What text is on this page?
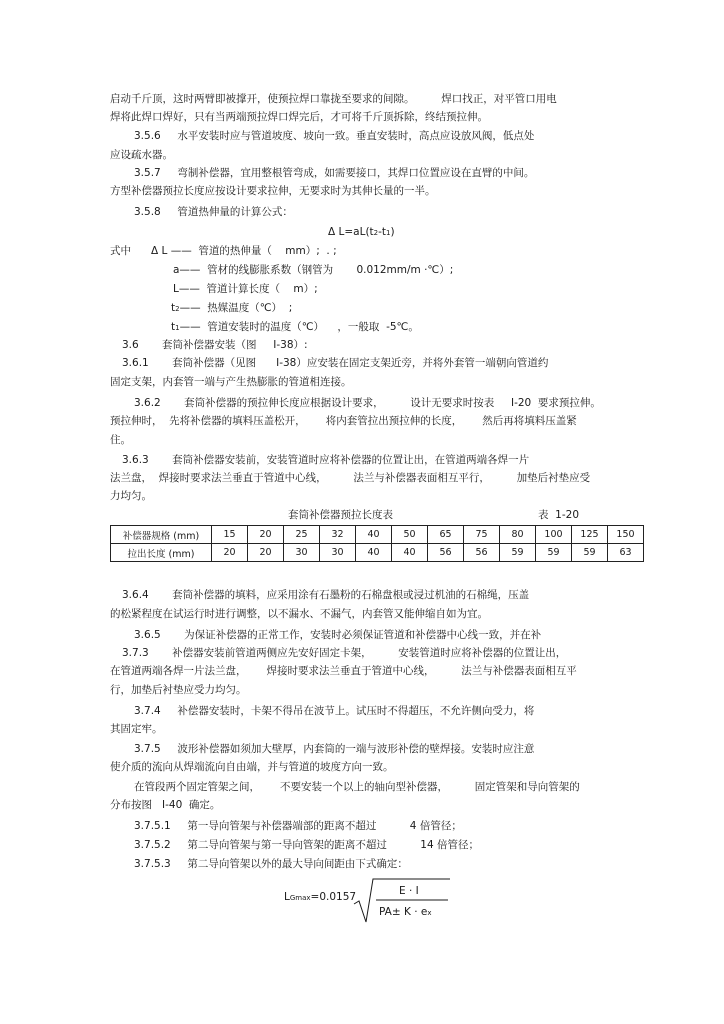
启动千斤顶，这时两臂即被撑开，使预拉焊口靠拢至要求的间隙。        焊口找正，对平管口用电
焊将此焊口焊好，只有当两端预拉焊口焊完后，才可将千斤顶拆除，终结预拉伸。
3.5.6     水平安装时应与管道坡度、坡向一致。垂直安装时，高点应设放风阀，低点处
应设疏水器。
3.5.7     弯制补偿器，宜用整根管弯成，如需要接口，其焊口位置应设在直臂的中间。
方型补偿器预拉长度应按设计要求拉伸，无要求时为其伸长量的一半。
3.5.8     管道热伸量的计算公式：
Δ L=aL(t2-t1)
式中      Δ L ——  管道的热伸量（    mm）;  . ;
a——  管材的线膨胀系数（钢管为       0.012mm/m ·℃）;
L——  管道计算长度（    m）;
t2——  热媒温度（℃）  ;
t1——  管道安装时的温度（℃）    ，一般取  -5℃。
3.6       套筒补偿器安装（图     I-38）:
3.6.1       套筒补偿器（见图      I-38）应安装在固定支架近旁，并将外套管一端朝向管道约
固定支架，内套管一端与产生热膨胀的管道相连接。
3.6.2       套筒补偿器的预拉伸长度应根据设计要求，        设计无要求时按表     I-20  要求预拉伸。
预拉伸时，  先将补偿器的填料压盖松开，      将内套管拉出预拉伸的长度，      然后再将填料压盖紧
住。
3.6.3       套筒补偿器安装前，安装管道时应将补偿器的位置让出，在管道两端各焊一片
法兰盘，  焊接时要求法兰垂直于管道中心线，        法兰与补偿器表面相互平行，        加垫后衬垫应受
力均匀。
套筒补偿器预拉长度表	表  1-20
补偿器规格 (mm)	15	20	25	32	40	50	65	75	80	100	125	150
拉出长度 (mm)	20	20	30	30	40	40	56	56	59	59	59	63
3.6.4       套筒补偿器的填料，应采用涂有石墨粉的石棉盘根或浸过机油的石棉绳，压盖
的松紧程度在试运行时进行调整，以不漏水、不漏气，内套管又能伸缩自如为宜。
3.6.5       为保证补偿器的正常工作，安装时必须保证管道和补偿器中心线一致，并在补
3.7.3       补偿器安装前管道两侧应先安好固定卡架，        安装管道时应将补偿器的位置让出，
在管道两端各焊一片法兰盘，      焊接时要求法兰垂直于管道中心线，        法兰与补偿器表面相互平
行，加垫后衬垫应受力均匀。
3.7.4     补偿器安装时，卡架不得吊在波节上。试压时不得超压，不允许侧向受力，将
其固定牢。
3.7.5     波形补偿器如须加大壁厚，内套筒的一端与波形补偿的壁焊接。安装时应注意
使介质的流向从焊端流向自由端，并与管道的坡度方向一致。
在管段两个固定管架之间，      不要安装一个以上的轴向型补偿器，        固定管架和导向管架的
分布按图   I-40  确定。
3.7.5.1     第一导向管架与补偿器端部的距离不超过          4 倍管径；
3.7.5.2     第二导向管架与第一导向管架的距离不超过          14 倍管径；
3.7.5.3     第二导向管架以外的最大导向间距由下式确定：
LGmax=0.0157	E · I
PA± K · ex
